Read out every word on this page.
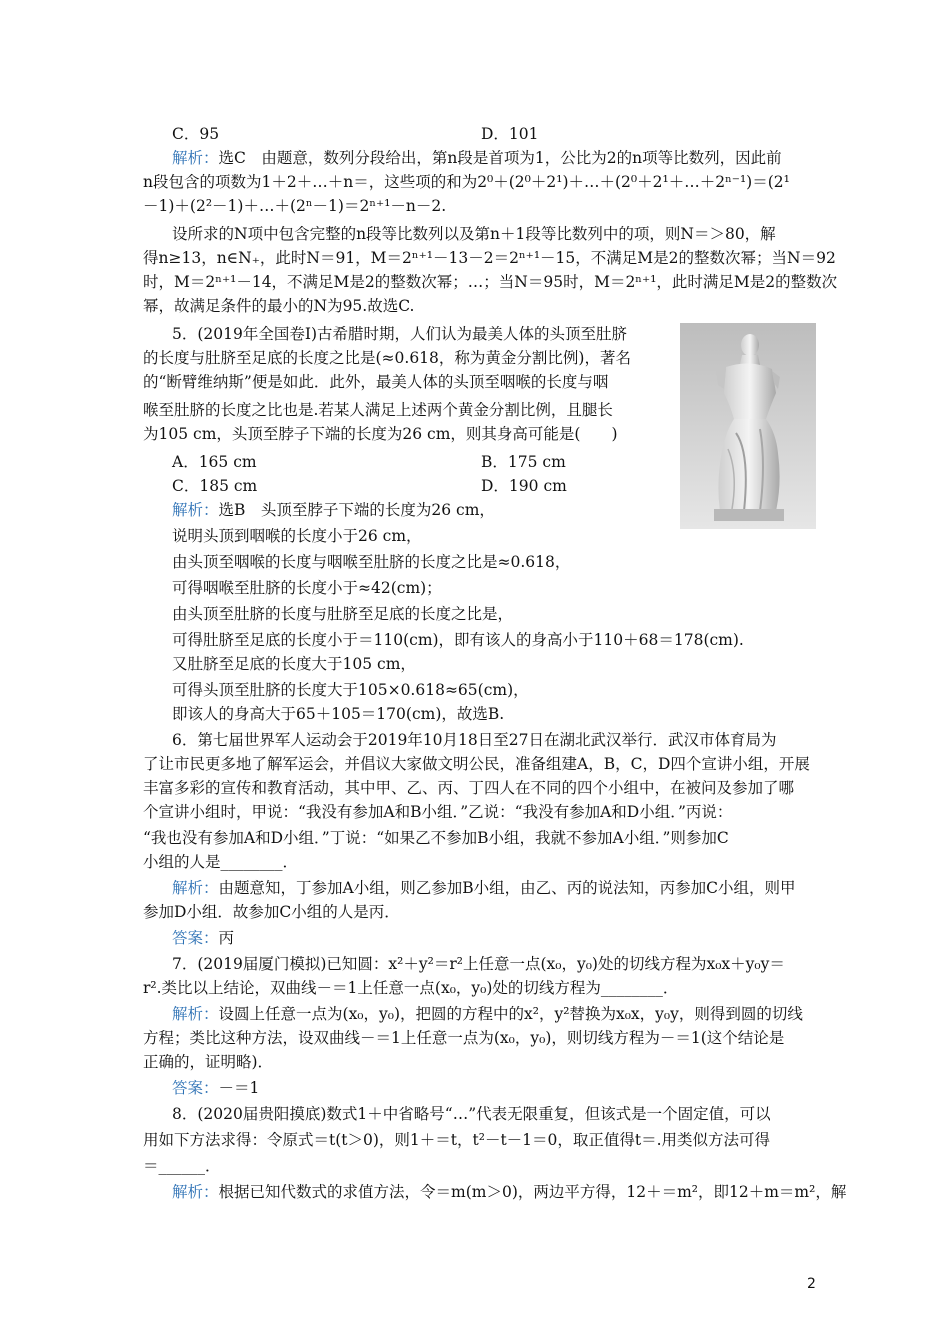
C．95	D．101
解析：选C　由题意，数列分段给出，第n段是首项为1，公比为2的n项等比数列，因此前
n段包含的项数为1＋2＋…＋n＝，这些项的和为2⁰＋(2⁰＋2¹)＋…＋(2⁰＋2¹＋…＋2ⁿ⁻¹)＝(2¹
－1)＋(2²－1)＋…＋(2ⁿ－1)＝2ⁿ⁺¹－n－2.
设所求的N项中包含完整的n段等比数列以及第n＋1段等比数列中的项，则N＝＞80，解
得n≥13，n∈N₊，此时N＝91，M＝2ⁿ⁺¹－13－2＝2ⁿ⁺¹－15，不满足M是2的整数次幂；当N＝92
时，M＝2ⁿ⁺¹－14，不满足M是2的整数次幂；…；当N＝95时，M＝2ⁿ⁺¹，此时满足M是2的整数次
幂，故满足条件的最小的N为95.故选C.
5．(2019年全国卷Ⅰ)古希腊时期，人们认为最美人体的头顶至肚脐
的长度与肚脐至足底的长度之比是(≈0.618，称为黄金分割比例)，著名
的“断臂维纳斯”便是如此．此外，最美人体的头顶至咽喉的长度与咽
喉至肚脐的长度之比也是.若某人满足上述两个黄金分割比例，且腿长
为105 cm，头顶至脖子下端的长度为26 cm，则其身高可能是(　　)
A．165 cm	B．175 cm
C．185 cm	D．190 cm
解析：选B　头顶至脖子下端的长度为26 cm，
说明头顶到咽喉的长度小于26 cm，
由头顶至咽喉的长度与咽喉至肚脐的长度之比是≈0.618，
可得咽喉至肚脐的长度小于≈42(cm)；
由头顶至肚脐的长度与肚脐至足底的长度之比是，
可得肚脐至足底的长度小于＝110(cm)，即有该人的身高小于110＋68＝178(cm).
又肚脐至足底的长度大于105 cm，
可得头顶至肚脐的长度大于105×0.618≈65(cm)，
即该人的身高大于65＋105＝170(cm)，故选B.
6．第七届世界军人运动会于2019年10月18日至27日在湖北武汉举行．武汉市体育局为
了让市民更多地了解军运会，并倡议大家做文明公民，准备组建A，B，C，D四个宣讲小组，开展
丰富多彩的宣传和教育活动，其中甲、乙、丙、丁四人在不同的四个小组中，在被问及参加了哪
个宣讲小组时，甲说：“我没有参加A和B小组．”乙说：“我没有参加A和D小组．”丙说：
“我也没有参加A和D小组．”丁说：“如果乙不参加B小组，我就不参加A小组．”则参加C
小组的人是________．
解析：由题意知，丁参加A小组，则乙参加B小组，由乙、丙的说法知，丙参加C小组，则甲
参加D小组．故参加C小组的人是丙．
答案：丙
7．(2019届厦门模拟)已知圆：x²＋y²＝r²上任意一点(x₀，y₀)处的切线方程为x₀x＋y₀y＝
r².类比以上结论，双曲线－＝1上任意一点(x₀，y₀)处的切线方程为________．
解析：设圆上任意一点为(x₀，y₀)，把圆的方程中的x²，y²替换为x₀x，y₀y，则得到圆的切线
方程；类比这种方法，设双曲线－＝1上任意一点为(x₀，y₀)，则切线方程为－＝1(这个结论是
正确的，证明略)．
答案：－＝1
8．(2020届贵阳摸底)数式1＋中省略号“…”代表无限重复，但该式是一个固定值，可以
用如下方法求得：令原式＝t(t＞0)，则1＋＝t，t²－t－1＝0，取正值得t＝.用类似方法可得
＝______．
解析：根据已知代数式的求值方法，令＝m(m＞0)，两边平方得，12＋＝m²，即12＋m＝m²，解
2
